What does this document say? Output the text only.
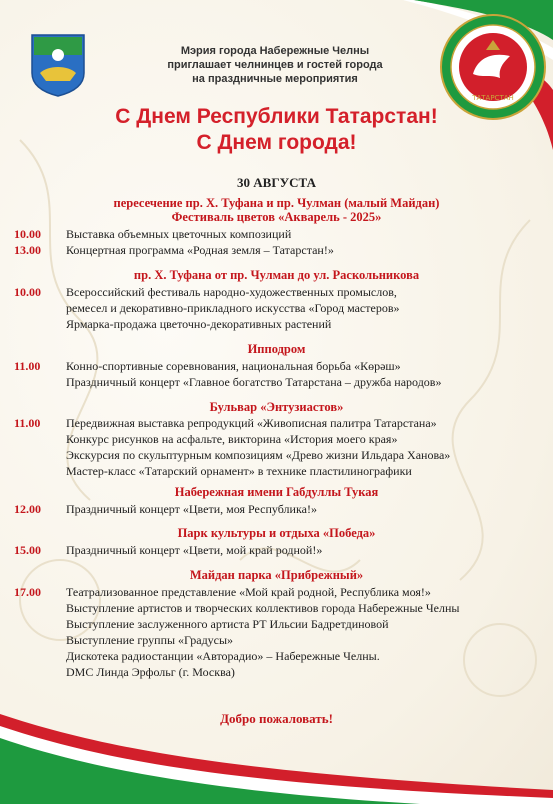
ТАТАРСТАН
Мэрия города Набережные Челны
приглашает челнинцев и гостей города
на праздничные мероприятия
С Днем Республики Татарстан!
С Днем города!
30 АВГУСТА
пересечение пр. Х. Туфана и пр. Чулман (малый Майдан)
Фестиваль цветов «Акварель - 2025»
10.00 Выставка объемных цветочных композиций
13.00 Концертная программа «Родная земля – Татарстан!»
пр. Х. Туфана от пр. Чулман до ул. Раскольникова
10.00 Всероссийский фестиваль народно-художественных промыслов,
ремесел и декоративно-прикладного искусства «Город мастеров»
Ярмарка-продажа цветочно-декоративных растений
Ипподром
11.00 Конно-спортивные соревнования, национальная борьба «Көрәш»
Праздничный концерт «Главное богатство Татарстана – дружба народов»
Бульвар «Энтузиастов»
11.00 Передвижная выставка репродукций «Живописная палитра Татарстана»
Конкурс рисунков на асфальте, викторина «История моего края»
Экскурсия по скульптурным композициям «Древо жизни Ильдара Ханова»
Мастер-класс «Татарский орнамент» в технике пластилинографики
Набережная имени Габдуллы Тукая
12.00 Праздничный концерт «Цвети, моя Республика!»
Парк культуры и отдыха «Победа»
15.00 Праздничный концерт «Цвети, мой край родной!»
Майдан парка «Прибрежный»
17.00 Театрализованное представление «Мой край родной, Республика моя!»
Выступление артистов и творческих коллективов города Набережные Челны
Выступление заслуженного артиста РТ Ильсии Бадретдиновой
Выступление группы «Градусы»
Дискотека радиостанции «Авторадио» – Набережные Челны.
DMC Линда Эрфольг (г. Москва)
Добро пожаловать!
